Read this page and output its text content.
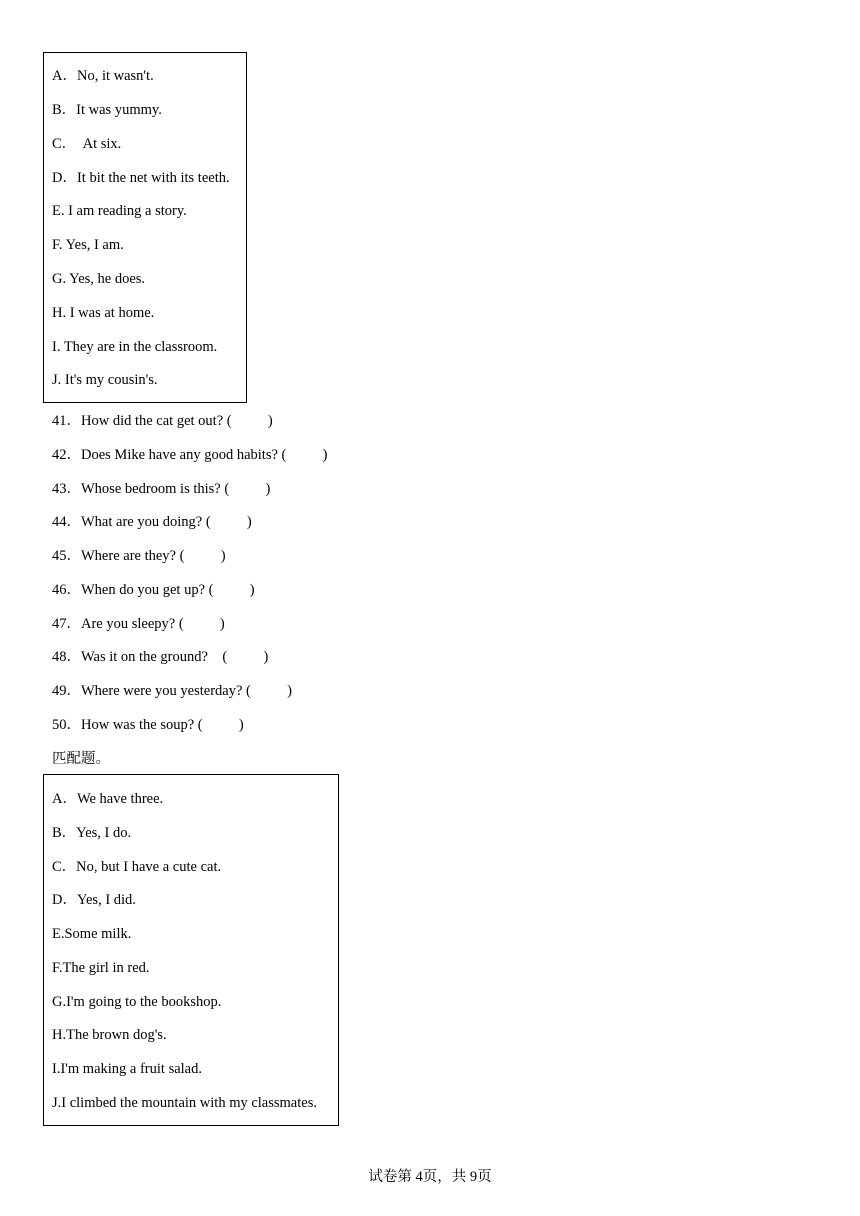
A．No, it wasn't.
B．It was yummy.
C．  At six.
D．It bit the net with its teeth.
E. I am reading a story.
F. Yes, I am.
G. Yes, he does.
H. I was at home.
I. They are in the classroom.
J. It's my cousin's.
41．How did the cat get out? (          )
42．Does Mike have any good habits? (          )
43．Whose bedroom is this? (          )
44．What are you doing? (          )
45．Where are they? (          )
46．When do you get up? (          )
47．Are you sleepy? (          )
48．Was it on the ground?    (          )
49．Where were you yesterday? (          )
50．How was the soup? (          )
匹配题。
A．We have three.
B．Yes, I do.
C．No, but I have a cute cat.
D．Yes, I did.
E.Some milk.
F.The girl in red.
G.I'm going to the bookshop.
H.The brown dog's.
I.I'm making a fruit salad.
J.I climbed the mountain with my classmates.
试卷第 4页，共 9页
